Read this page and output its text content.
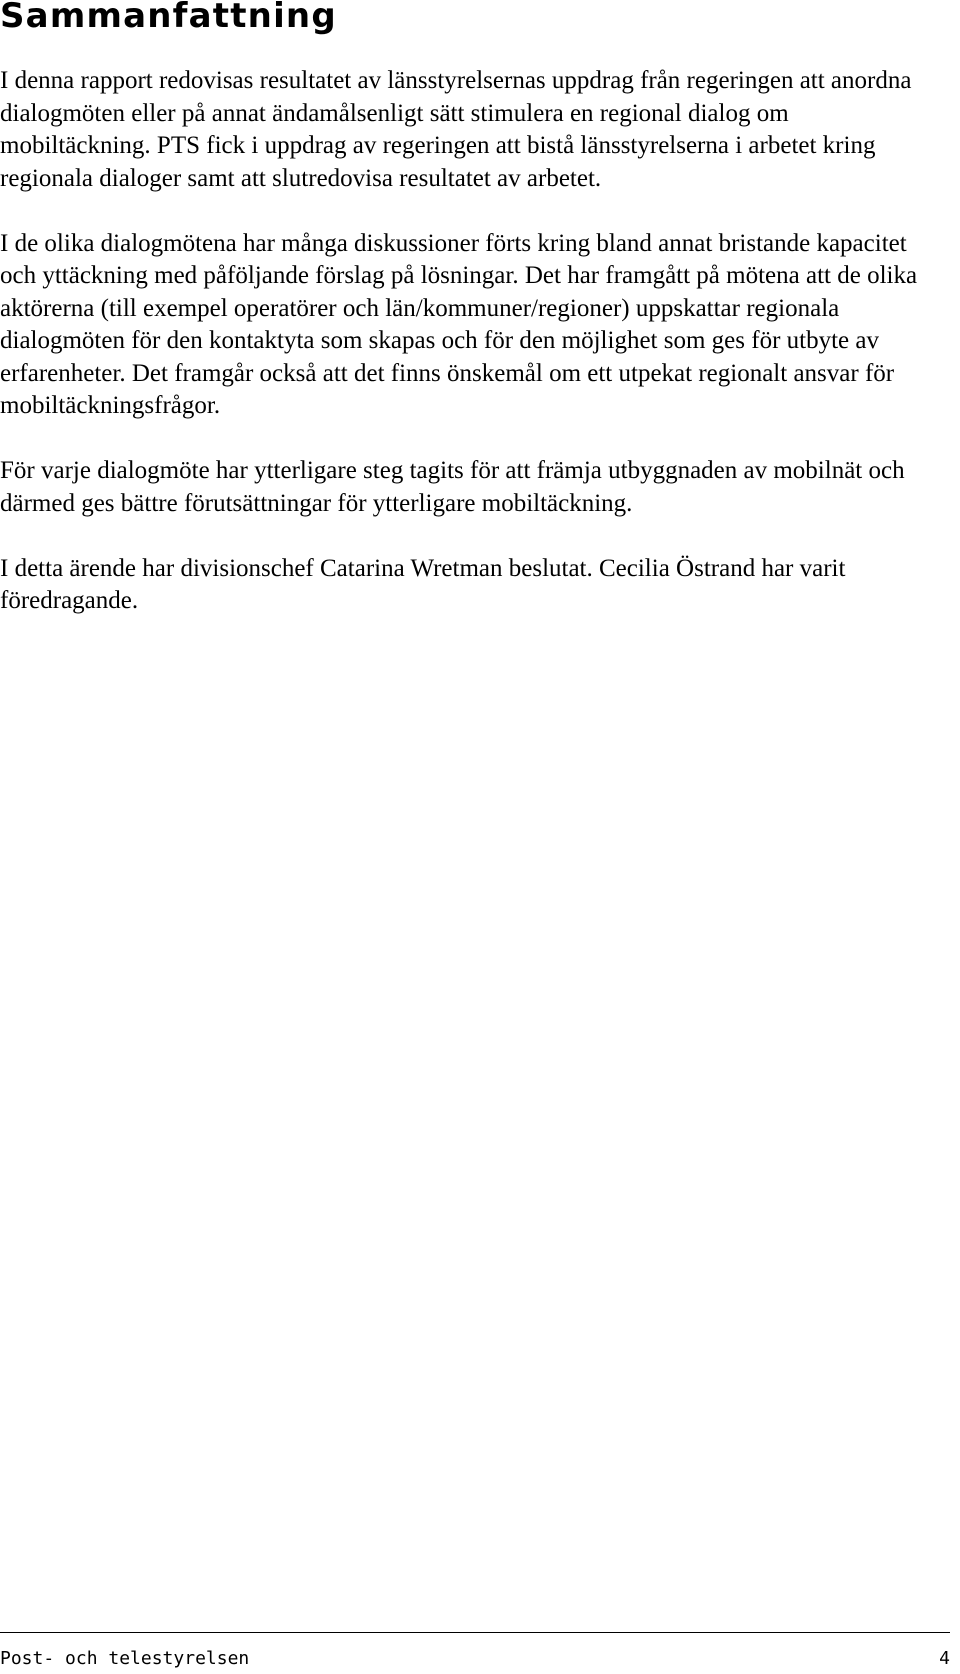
Sammanfattning

I denna rapport redovisas resultatet av länsstyrelsernas uppdrag från regeringen att anordna dialogmöten eller på annat ändamålsenligt sätt stimulera en regional dialog om mobiltäckning. PTS fick i uppdrag av regeringen att bistå länsstyrelserna i arbetet kring regionala dialoger samt att slutredovisa resultatet av arbetet.

I de olika dialogmötena har många diskussioner förts kring bland annat bristande kapacitet och yttäckning med påföljande förslag på lösningar. Det har framgått på mötena att de olika aktörerna (till exempel operatörer och län/kommuner/regioner) uppskattar regionala dialogmöten för den kontaktyta som skapas och för den möjlighet som ges för utbyte av erfarenheter. Det framgår också att det finns önskemål om ett utpekat regionalt ansvar för mobiltäckningsfrågor.

För varje dialogmöte har ytterligare steg tagits för att främja utbyggnaden av mobilnät och därmed ges bättre förutsättningar för ytterligare mobiltäckning.

I detta ärende har divisionschef Catarina Wretman beslutat. Cecilia Östrand har varit föredragande.

Post- och telestyrelsen	4
